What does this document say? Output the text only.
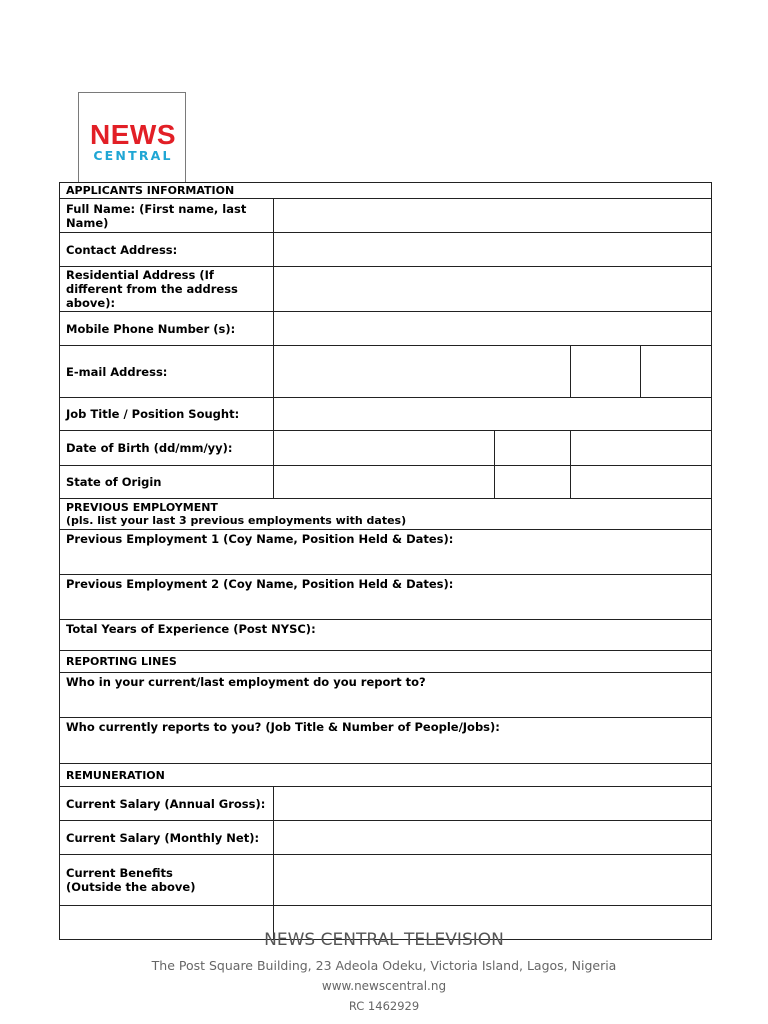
NEWS
CENTRAL
APPLICANTS INFORMATION				
Full Name: (First name, last Name)				
Contact Address:				
Residential Address (If different from the address above):				
Mobile Phone Number (s):				
E-mail Address:				
Job Title / Position Sought:				
Date of Birth (dd/mm/yy):				
State of Origin				

PREVIOUS EMPLOYMENT
(pls. list your last 3 previous employments with dates)				

Previous Employment 1 (Coy Name, Position Held & Dates):				
Previous Employment 2 (Coy Name, Position Held & Dates):				
Total Years of Experience (Post NYSC):				
REPORTING LINES				
Who in your current/last employment do you report to?				
Who currently reports to you? (Job Title & Number of People/Jobs):				
REMUNERATION				
Current Salary (Annual Gross):				
Current Salary (Monthly Net):				

Current Benefits
(Outside the above)				

NEWS CENTRAL TELEVISION
The Post Square Building, 23 Adeola Odeku, Victoria Island, Lagos, Nigeria
www.newscentral.ng
RC 1462929
